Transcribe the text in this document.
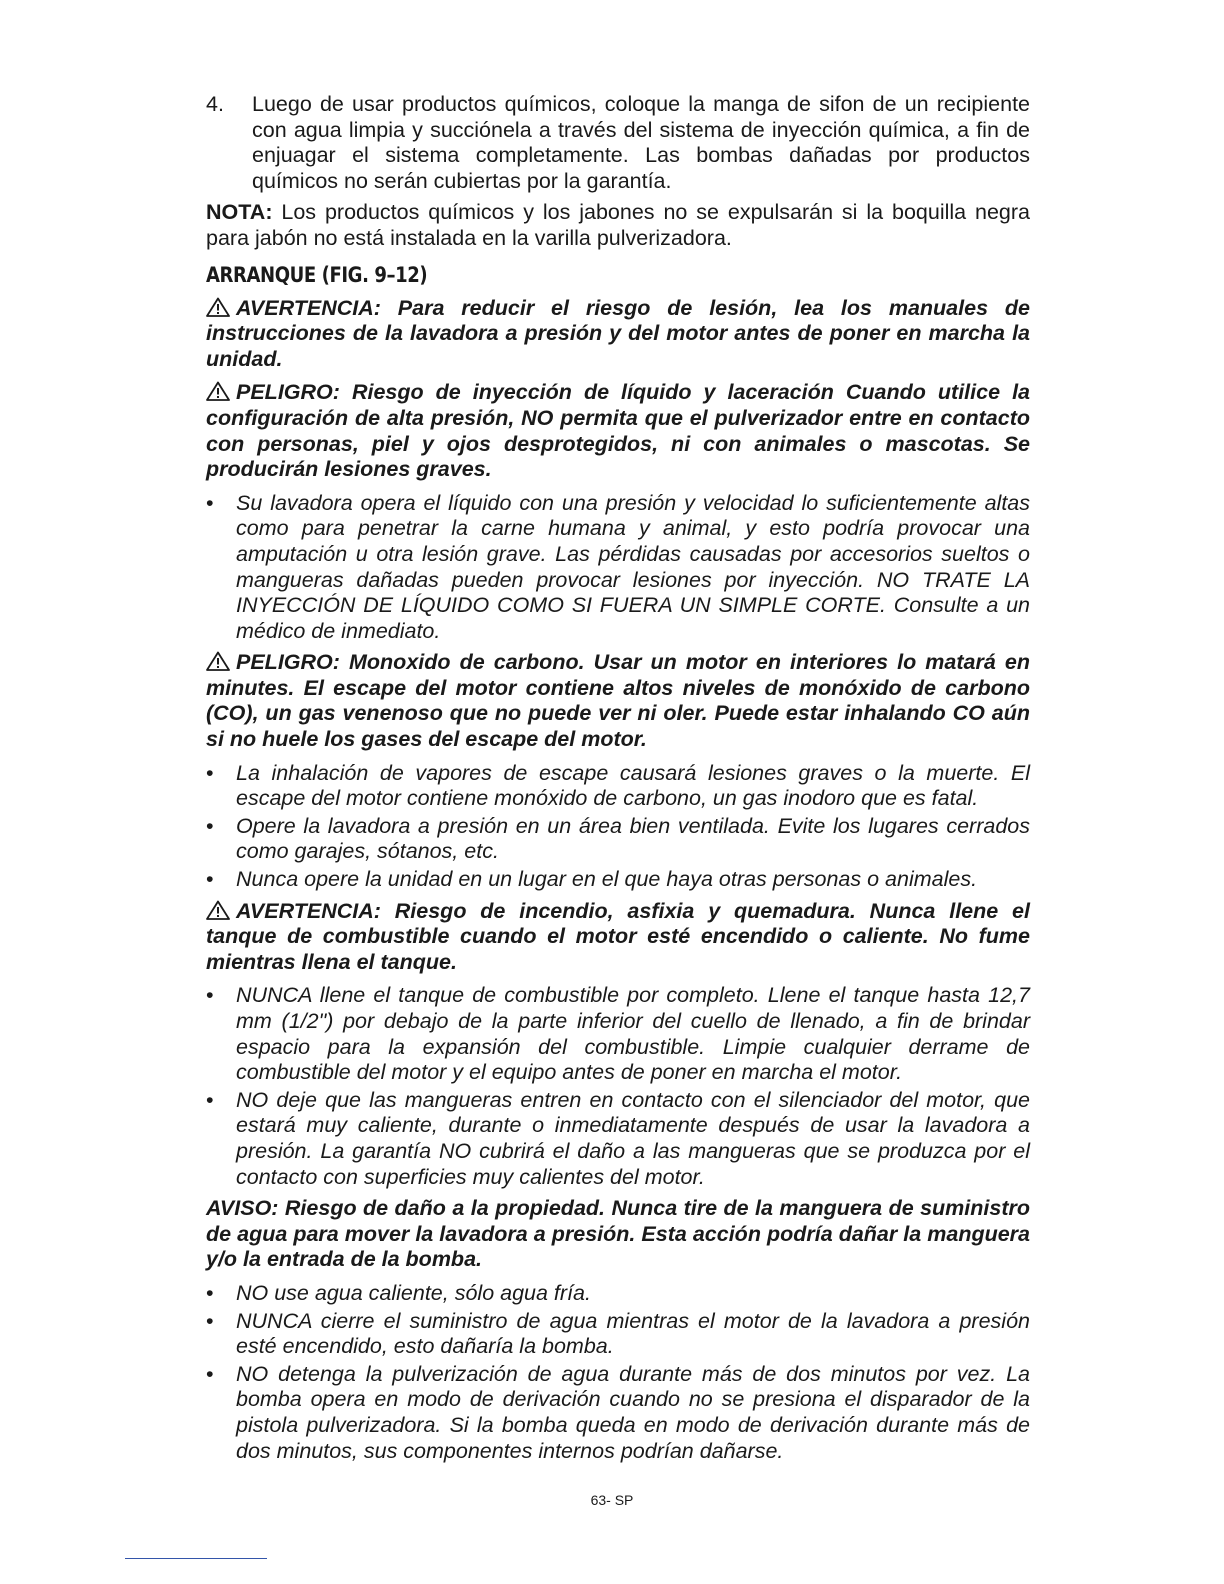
4.	Luego de usar productos químicos, coloque la manga de sifon de un recipiente con agua limpia y succiónela a través del sistema de inyección química, a fin de enjuagar el sistema completamente. Las bombas dañadas por productos químicos no serán cubiertas por la garantía.

NOTA: Los productos químicos y los jabones no se expulsarán si la boquilla negra para jabón no está instalada en la varilla pulverizadora.

ARRANQUE (FIG. 9–12)

AVERTENCIA: Para reducir el riesgo de lesión, lea los manuales de instrucciones de la lavadora a presión y del motor antes de poner en marcha la unidad.

PELIGRO: Riesgo de inyección de líquido y laceración Cuando utilice la configuración de alta presión, NO permita que el pulverizador entre en contacto con personas, piel y ojos desprotegidos, ni con animales o mascotas. Se producirán lesiones graves.

• Su lavadora opera el líquido con una presión y velocidad lo suficientemente altas como para penetrar la carne humana y animal, y esto podría provocar una amputación u otra lesión grave. Las pérdidas causadas por accesorios sueltos o mangueras dañadas pueden provocar lesiones por inyección. NO TRATE LA INYECCIÓN DE LÍQUIDO COMO SI FUERA UN SIMPLE CORTE. Consulte a un médico de inmediato.

PELIGRO: Monoxido de carbono. Usar un motor en interiores lo matará en minutes. El escape del motor contiene altos niveles de monóxido de carbono (CO), un gas venenoso que no puede ver ni oler. Puede estar inhalando CO aún si no huele los gases del escape del motor.

• La inhalación de vapores de escape causará lesiones graves o la muerte. El escape del motor contiene monóxido de carbono, un gas inodoro que es fatal.
• Opere la lavadora a presión en un área bien ventilada. Evite los lugares cerrados como garajes, sótanos, etc.
• Nunca opere la unidad en un lugar en el que haya otras personas o animales.

AVERTENCIA: Riesgo de incendio, asfixia y quemadura. Nunca llene el tanque de combustible cuando el motor esté encendido o caliente. No fume mientras llena el tanque.

• NUNCA llene el tanque de combustible por completo. Llene el tanque hasta 12,7 mm (1/2") por debajo de la parte inferior del cuello de llenado, a fin de brindar espacio para la expansión del combustible. Limpie cualquier derrame de combustible del motor y el equipo antes de poner en marcha el motor.
• NO deje que las mangueras entren en contacto con el silenciador del motor, que estará muy caliente, durante o inmediatamente después de usar la lavadora a presión. La garantía NO cubrirá el daño a las mangueras que se produzca por el contacto con superficies muy calientes del motor.

AVISO: Riesgo de daño a la propiedad. Nunca tire de la manguera de suministro de agua para mover la lavadora a presión. Esta acción podría dañar la manguera y/o la entrada de la bomba.

• NO use agua caliente, sólo agua fría.
• NUNCA cierre el suministro de agua mientras el motor de la lavadora a presión esté encendido, esto dañaría la bomba.
• NO detenga la pulverización de agua durante más de dos minutos por vez. La bomba opera en modo de derivación cuando no se presiona el disparador de la pistola pulverizadora. Si la bomba queda en modo de derivación durante más de dos minutos, sus componentes internos podrían dañarse.
63- SP
